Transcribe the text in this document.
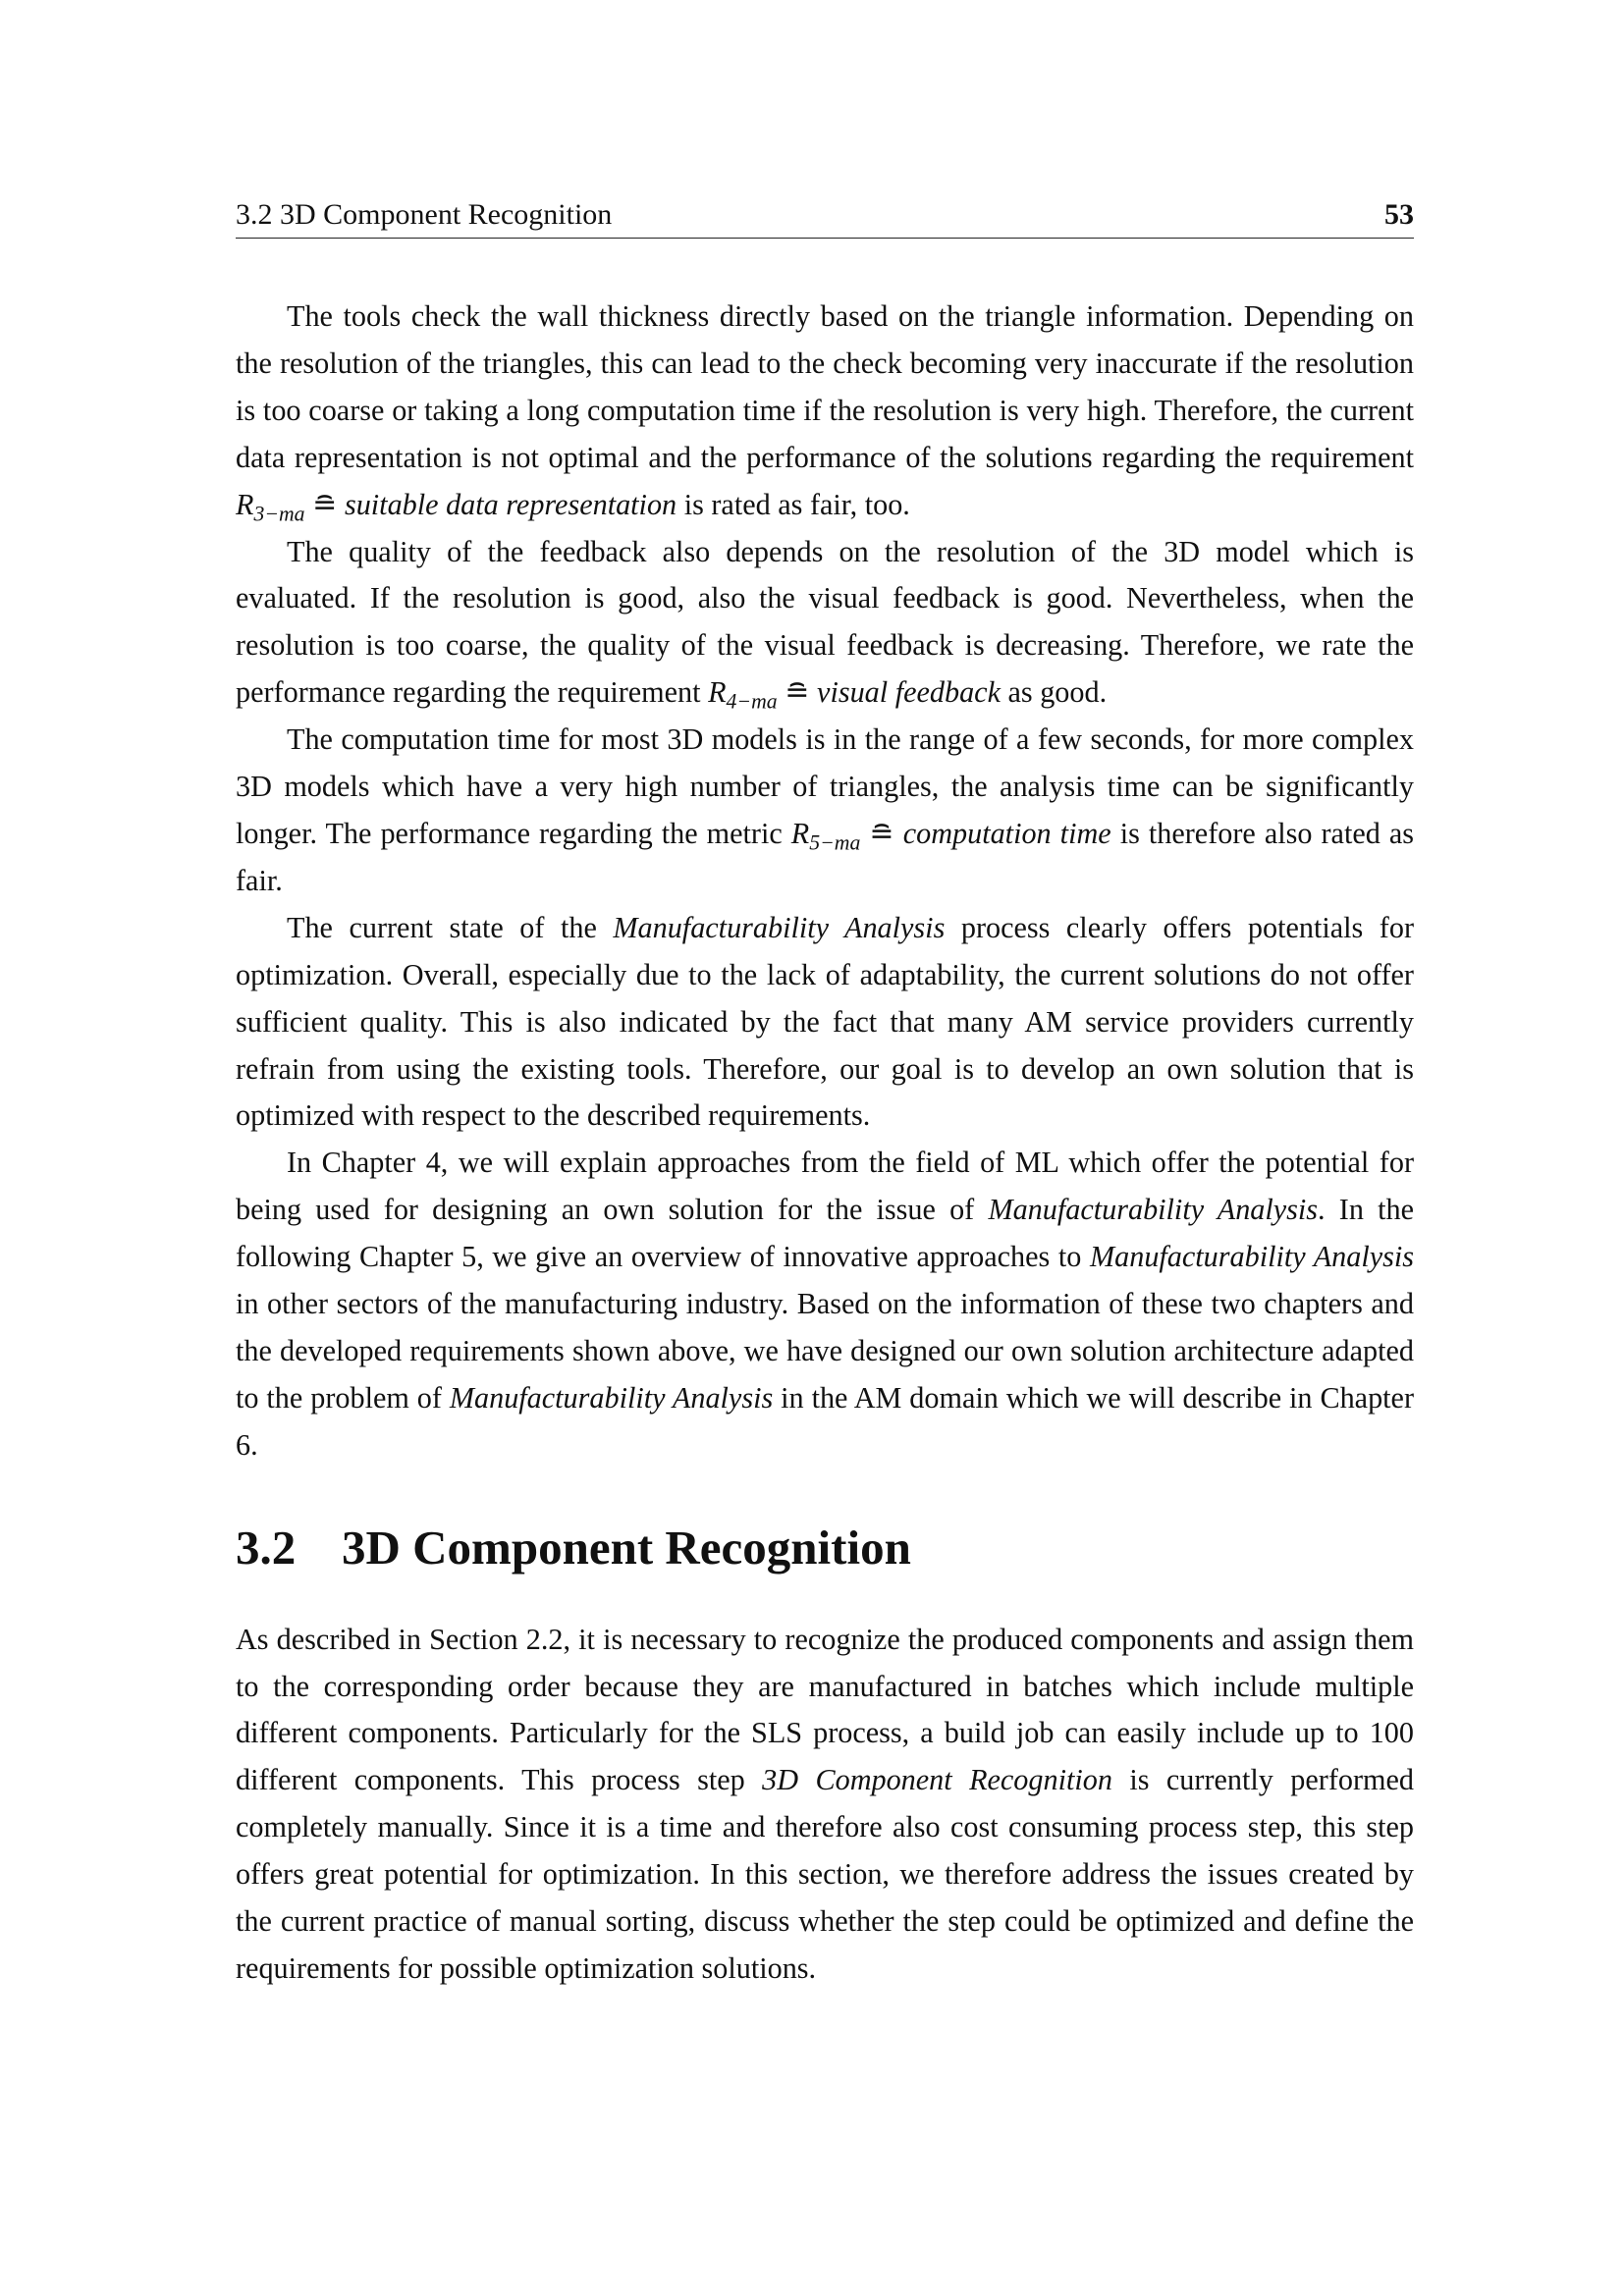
3.2 3D Component Recognition	53

The tools check the wall thickness directly based on the triangle information. Depending on the resolution of the triangles, this can lead to the check becoming very inaccurate if the resolution is too coarse or taking a long computation time if the resolution is very high. Therefore, the current data representation is not optimal and the performance of the solutions regarding the requirement $R_{3-ma}$ ≘ suitable data representation is rated as fair, too.

The quality of the feedback also depends on the resolution of the 3D model which is evaluated. If the resolution is good, also the visual feedback is good. Nevertheless, when the resolution is too coarse, the quality of the visual feedback is decreasing. Therefore, we rate the performance regarding the requirement $R_{4-ma}$ ≘ visual feedback as good.

The computation time for most 3D models is in the range of a few seconds, for more complex 3D models which have a very high number of triangles, the analysis time can be significantly longer. The performance regarding the metric $R_{5-ma}$ ≘ computation time is therefore also rated as fair.

The current state of the Manufacturability Analysis process clearly offers potentials for optimization. Overall, especially due to the lack of adaptability, the current solutions do not offer sufficient quality. This is also indicated by the fact that many AM service providers currently refrain from using the existing tools. Therefore, our goal is to develop an own solution that is optimized with respect to the described requirements.

In Chapter 4, we will explain approaches from the field of ML which offer the potential for being used for designing an own solution for the issue of Manufacturability Analysis. In the following Chapter 5, we give an overview of innovative approaches to Manufacturability Analysis in other sectors of the manufacturing industry. Based on the information of these two chapters and the developed requirements shown above, we have designed our own solution architecture adapted to the problem of Manufacturability Analysis in the AM domain which we will describe in Chapter 6.

3.2 3D Component Recognition

As described in Section 2.2, it is necessary to recognize the produced components and assign them to the corresponding order because they are manufactured in batches which include multiple different components. Particularly for the SLS process, a build job can easily include up to 100 different components. This process step 3D Component Recognition is currently performed completely manually. Since it is a time and therefore also cost consuming process step, this step offers great potential for optimization. In this section, we therefore address the issues created by the current practice of manual sorting, discuss whether the step could be optimized and define the requirements for possible optimization solutions.
